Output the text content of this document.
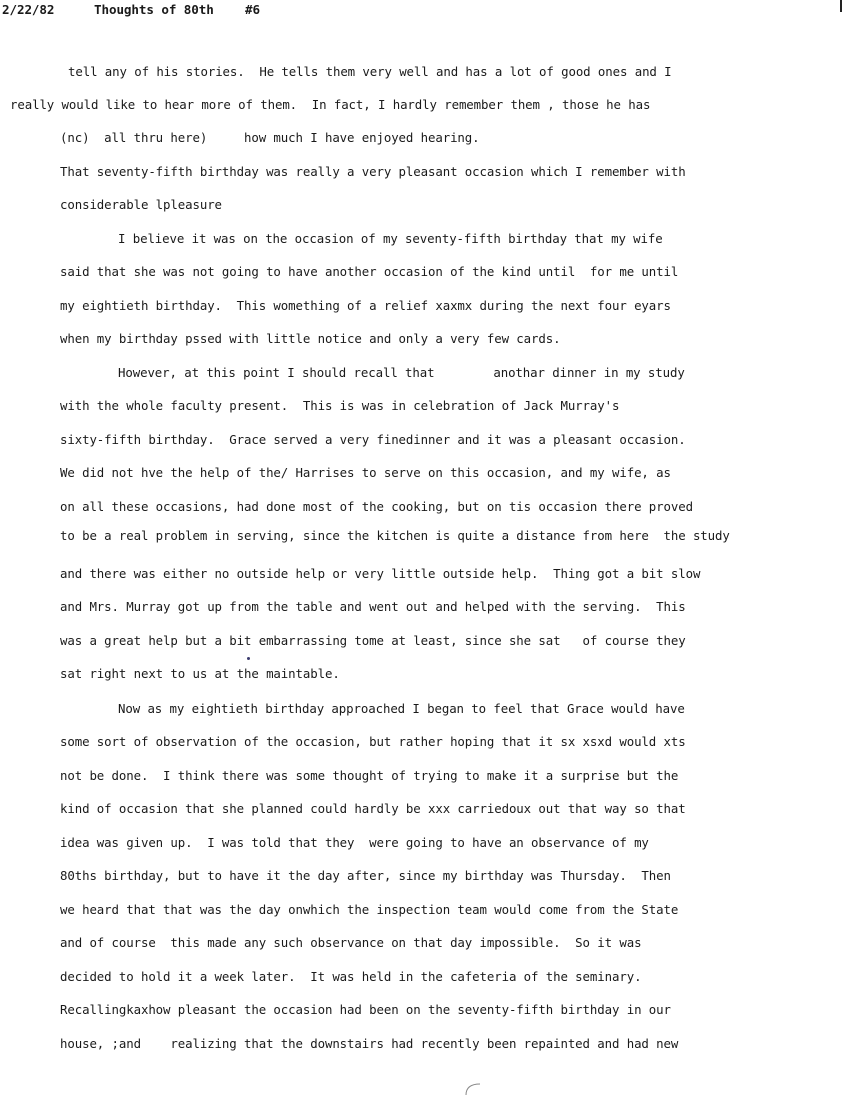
2/22/82	Thoughts of 80th #6
tell any of his stories.  He tells them very well and has a lot of good ones and I
really would like to hear more of them.  In fact, I hardly remember them , those he has
(nc)  all thru here)     how much I have enjoyed hearing.
That seventy-fifth birthday was really a very pleasant occasion which I remember with
considerable lpleasure
I believe it was on the occasion of my seventy-fifth birthday that my wife
said that she was not going to have another occasion of the kind until  for me until
my eightieth birthday.  This womething of a relief xaxmx during the next four eyars
when my birthday pssed with little notice and only a very few cards.
However, at this point I should recall that        anothar dinner in my study
with the whole faculty present.  This is was in celebration of Jack Murray's
sixty-fifth birthday.  Grace served a very finedinner and it was a pleasant occasion.
We did not hve the help of the/ Harrises to serve on this occasion, and my wife, as
on all these occasions, had done most of the cooking, but on tis occasion there proved
to be a real problem in serving, since the kitchen is quite a distance from here  the study
and there was either no outside help or very little outside help.  Thing got a bit slow
and Mrs. Murray got up from the table and went out and helped with the serving.  This
was a great help but a bit embarrassing tome at least, since she sat   of course they
sat right next to us at the maintable.
Now as my eightieth birthday approached I began to feel that Grace would have
some sort of observation of the occasion, but rather hoping that it sx xsxd would xts
not be done.  I think there was some thought of trying to make it a surprise but the
kind of occasion that she planned could hardly be xxx carriedoux out that way so that
idea was given up.  I was told that they  were going to have an observance of my
80ths birthday, but to have it the day after, since my birthday was Thursday.  Then
we heard that that was the day onwhich the inspection team would come from the State
and of course  this made any such observance on that day impossible.  So it was
decided to hold it a week later.  It was held in the cafeteria of the seminary.
Recallingkaxhow pleasant the occasion had been on the seventy-fifth birthday in our
house, ;and    realizing that the downstairs had recently been repainted and had new
